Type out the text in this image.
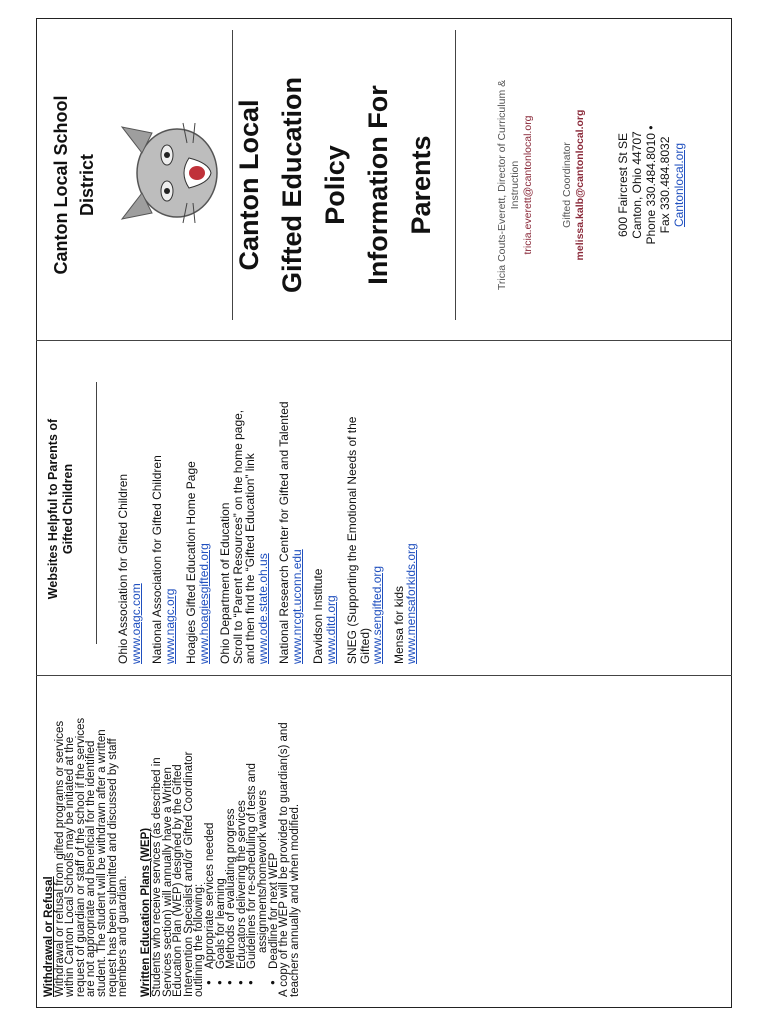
Withdrawal or Refusal
Withdrawal or refusal from gifted programs or services
within Canton Local Schools may be initiated at the
request of guardian or staff of the school if the services
are not appropriate and beneficial for the identified
student. The student will be withdrawn after a written
request has been submitted and discussed by staff
members and guardian. Written Education Plans (WEP)
Students who receive services (as described in
Services section) will annually have a Written
Education Plan (WEP) designed by the Gifted
Intervention Specialist and/or Gifted Coordinator
outlining the following:
●
Appropriate services needed
●
Goals for learning
●
Methods of evaluating progress
●
Educators delivering the services
●
Guidelines for re-scheduling of tests and
assignments/homework waivers
●
Deadline for next WEP
A copy of the WEP will be provided to guardian(s) and
teachers annually and when modified.
Websites Helpful to Parents of Gifted Children	Ohio Association for Gifted Children
www.oagc.com National Association for Gifted Children
www.nagc.org Hoagies Gifted Education Home Page
www.hoagiesgifted.org Ohio Department of Education
Scroll to “Parent Resources” on the home page,
and then find the “Gifted Education” link
www.ode.state.oh.us National Research Center for Gifted and Talented
www.nrcgt.uconn.edu Davidson Institute
www.ditd.org SNEG (Supporting the Emotional Needs of the
Gifted)
www.sengifted.org Mensa for kids
www.mensaforkids.org
Canton Local School District	Canton Local Gifted Education Policy Information For Parents	Tricia Couts-Everett, Director of Curriculum & Instruction tricia.everett@cantonlocal.org	Gifted Coordinator melissa.kalb@cantonlocal.org	600 Faircrest St SE Canton, Ohio 44707 Phone 330.484.8010 • Fax 330.484.8032 Cantonlocal.org
